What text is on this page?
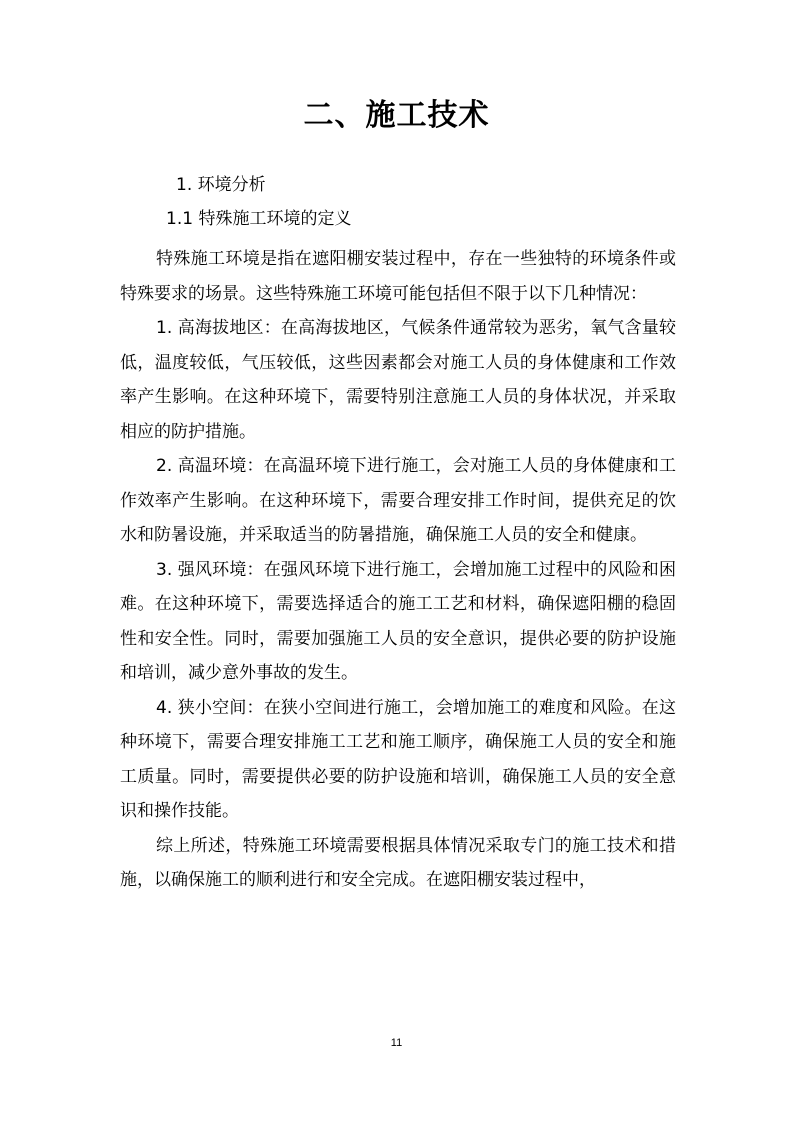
二、施工技术
1. 环境分析
1.1 特殊施工环境的定义

特殊施工环境是指在遮阳棚安装过程中，存在一些独特的环境条件或特殊要求的场景。这些特殊施工环境可能包括但不限于以下几种情况：

1. 高海拔地区：在高海拔地区，气候条件通常较为恶劣，氧气含量较低，温度较低，气压较低，这些因素都会对施工人员的身体健康和工作效率产生影响。在这种环境下，需要特别注意施工人员的身体状况，并采取相应的防护措施。

2. 高温环境：在高温环境下进行施工，会对施工人员的身体健康和工作效率产生影响。在这种环境下，需要合理安排工作时间，提供充足的饮水和防暑设施，并采取适当的防暑措施，确保施工人员的安全和健康。

3. 强风环境：在强风环境下进行施工，会增加施工过程中的风险和困难。在这种环境下，需要选择适合的施工工艺和材料，确保遮阳棚的稳固性和安全性。同时，需要加强施工人员的安全意识，提供必要的防护设施和培训，减少意外事故的发生。

4. 狭小空间：在狭小空间进行施工，会增加施工的难度和风险。在这种环境下，需要合理安排施工工艺和施工顺序，确保施工人员的安全和施工质量。同时，需要提供必要的防护设施和培训，确保施工人员的安全意识和操作技能。

综上所述，特殊施工环境需要根据具体情况采取专门的施工技术和措施，以确保施工的顺利进行和安全完成。在遮阳棚安装过程中，

11
